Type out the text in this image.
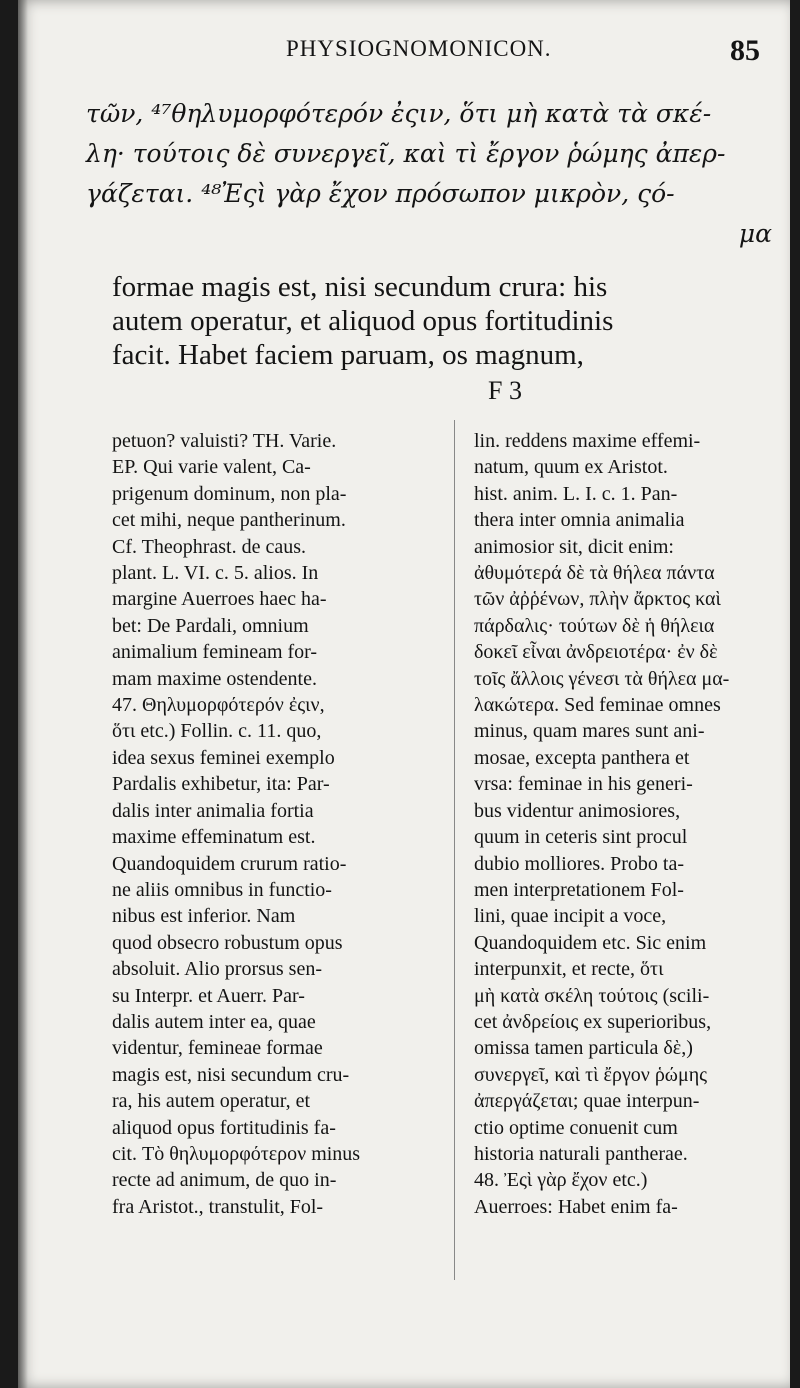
PHYSIOGNOMONICON.	85

τῶν, ⁴⁷θηλυμορφότερόν ἐςιν, ὅτι μὴ κατὰ τὰ σκέ-

λη· τούτοις δὲ συνεργεῖ, καὶ τὶ ἔργον ῥώμης ἀπερ-

γάζεται. ⁴⁸Ἐςὶ γὰρ ἔχον πρόσωπον μικρὸν, ςό-

μα

formae magis est, nisi secundum crura: his

autem operatur, et aliquod opus fortitudinis

facit. Habet faciem paruam, os magnum,

F 3

petuon? valuisti? TH. Varie.

EP. Qui varie valent, Ca-

prigenum dominum, non pla-

cet mihi, neque pantherinum.

Cf. Theophrast. de caus.

plant. L. VI. c. 5. alios. In

margine Auerroes haec ha-

bet: De Pardali, omnium

animalium femineam for-

mam maxime ostendente.

47. Θηλυμορφότερόν ἐςιν,

ὅτι etc.) Follin. c. 11. quo,

idea sexus feminei exemplo

Pardalis exhibetur, ita: Par-

dalis inter animalia fortia

maxime effeminatum est.

Quandoquidem crurum ratio-

ne aliis omnibus in functio-

nibus est inferior. Nam

quod obsecro robustum opus

absoluit. Alio prorsus sen-

su Interpr. et Auerr. Par-

dalis autem inter ea, quae

videntur, femineae formae

magis est, nisi secundum cru-

ra, his autem operatur, et

aliquod opus fortitudinis fa-

cit. Τὸ θηλυμορφότερον minus

recte ad animum, de quo in-

fra Aristot., transtulit, Fol-

lin. reddens maxime effemi-

natum, quum ex Aristot.

hist. anim. L. I. c. 1. Pan-

thera inter omnia animalia

animosior sit, dicit enim:

ἀθυμότερά δὲ τὰ θήλεα πάντα

τῶν ἀῤῥένων, πλὴν ἄρκτος καὶ

πάρδαλις· τούτων δὲ ἡ θήλεια

δοκεῖ εἶναι ἀνδρειοτέρα· ἐν δὲ

τοῖς ἄλλοις γένεσι τὰ θήλεα μα-

λακώτερα. Sed feminae omnes

minus, quam mares sunt ani-

mosae, excepta panthera et

vrsa: feminae in his generi-

bus videntur animosiores,

quum in ceteris sint procul

dubio molliores. Probo ta-

men interpretationem Fol-

lini, quae incipit a voce,

Quandoquidem etc. Sic enim

interpunxit, et recte, ὅτι

μὴ κατὰ σκέλη τούτοις (scili-

cet ἀνδρείοις ex superioribus,

omissa tamen particula δὲ,)

συνεργεῖ, καὶ τὶ ἔργον ῥώμης

ἀπεργάζεται; quae interpun-

ctio optime conuenit cum

historia naturali pantherae.

48. Ἐςὶ γὰρ ἔχον etc.)

Auerroes: Habet enim fa-
